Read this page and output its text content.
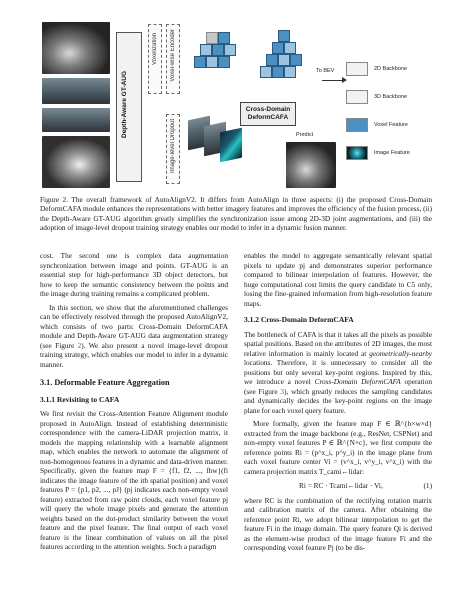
Depth-Aware GT-AUG
Voxelization Voxel-wise Encoder
Image-level Dropout
Cross-Domain DeformCAFA
To BEV
Predict
2D Backbone
3D Backbone
Voxel Feature
Image Feature
Figure 2. The overall framework of AutoAlignV2. It differs from AutoAlign in three aspects: (i) the proposed Cross-Domain DeformCAFA module enhances the representations with better imagery features and improves the efficiency of the fusion process, (ii) the Depth-Aware GT-AUG algorithm greatly simplifies the synchronization issue among 2D-3D joint augmentations, and (iii) the adoption of image-level dropout training strategy enables our model to infer in a dynamic fusion manner.

cost. The second one is complex data augmentation synchronization between image and points. GT-AUG is an essential step for high-performance 3D object detectors, but how to keep the semantic consistency between the points and the image during training remains a complicated problem.

In this section, we show that the aforementioned challenges can be effectively resolved through the proposed AutoAlignV2, which consists of two parts: Cross-Domain DeformCAFA module and Depth-Aware GT-AUG data augmentation strategy (see Figure 2). We also present a novel image-level dropout training strategy, which enables our model to infer in a dynamic manner.

3.1. Deformable Feature Aggregation

3.1.1 Revisiting to CAFA

We first revisit the Cross-Attention Feature Alignment module proposed in AutoAlign. Instead of establishing deterministic correspondence with the camera-LiDAR projection matrix, it models the mapping relationship with a learnable alignment map, which enables the network to automate the alignment of non-homogenous features in a dynamic and data-driven manner. Specifically, given the feature map F = {f1, f2, ..., fhw}(fi indicates the image feature of the ith spatial position) and voxel features P = {p1, p2, ..., pJ} (pj indicates each non-empty voxel feature) extracted from raw point clouds, each voxel feature pj will query the whole image pixels and generate the attention weights based on the dot-product similarity between the voxel feature and the pixel feature. The final output of each voxel feature is the linear combination of values on all the pixel features according to the attention weights. Such a paradigm

enables the model to aggregate semantically relevant spatial pixels to update pj and demonstrates superior performance compared to bilinear interpolation of features. However, the huge computational cost limits the query candidate to C5 only, losing the fine-grained information from high-resolution feature maps.

3.1.2 Cross-Domain DeformCAFA

The bottleneck of CAFA is that it takes all the pixels as possible spatial positions. Based on the attributes of 2D images, the most relative information is mainly located at geometrically-nearby locations. Therefore, it is unnecessary to consider all the positions but only several key-point regions. Inspired by this, we introduce a novel Cross-Domain DeformCAFA operation (see Figure 3), which greatly reduces the sampling candidates and dynamically decides the key-point regions on the image plane for each voxel query feature.

More formally, given the feature map F ∈ ℝ^{h×w×d} extracted from the image backbone (e.g., ResNet, CSPNet) and non-empty voxel features P ∈ ℝ^{N×c}, we first compute the reference points Ri = (p^x_i, p^y_i) in the image plane from each voxel feature center Vi = (v^x_i, v^y_i, v^z_i) with the camera projection matrix T_cami←lidar:

Ri = RC · Tcami←lidar · Vi,	(1)

where RC is the combination of the rectifying rotation matrix and calibration matrix of the camera. After obtaining the reference point Ri, we adopt bilinear interpolation to get the feature Fi in the image domain. The query feature Qi is derived as the element-wise product of the image feature Fi and the corresponding voxel feature Pj (to be dis-
